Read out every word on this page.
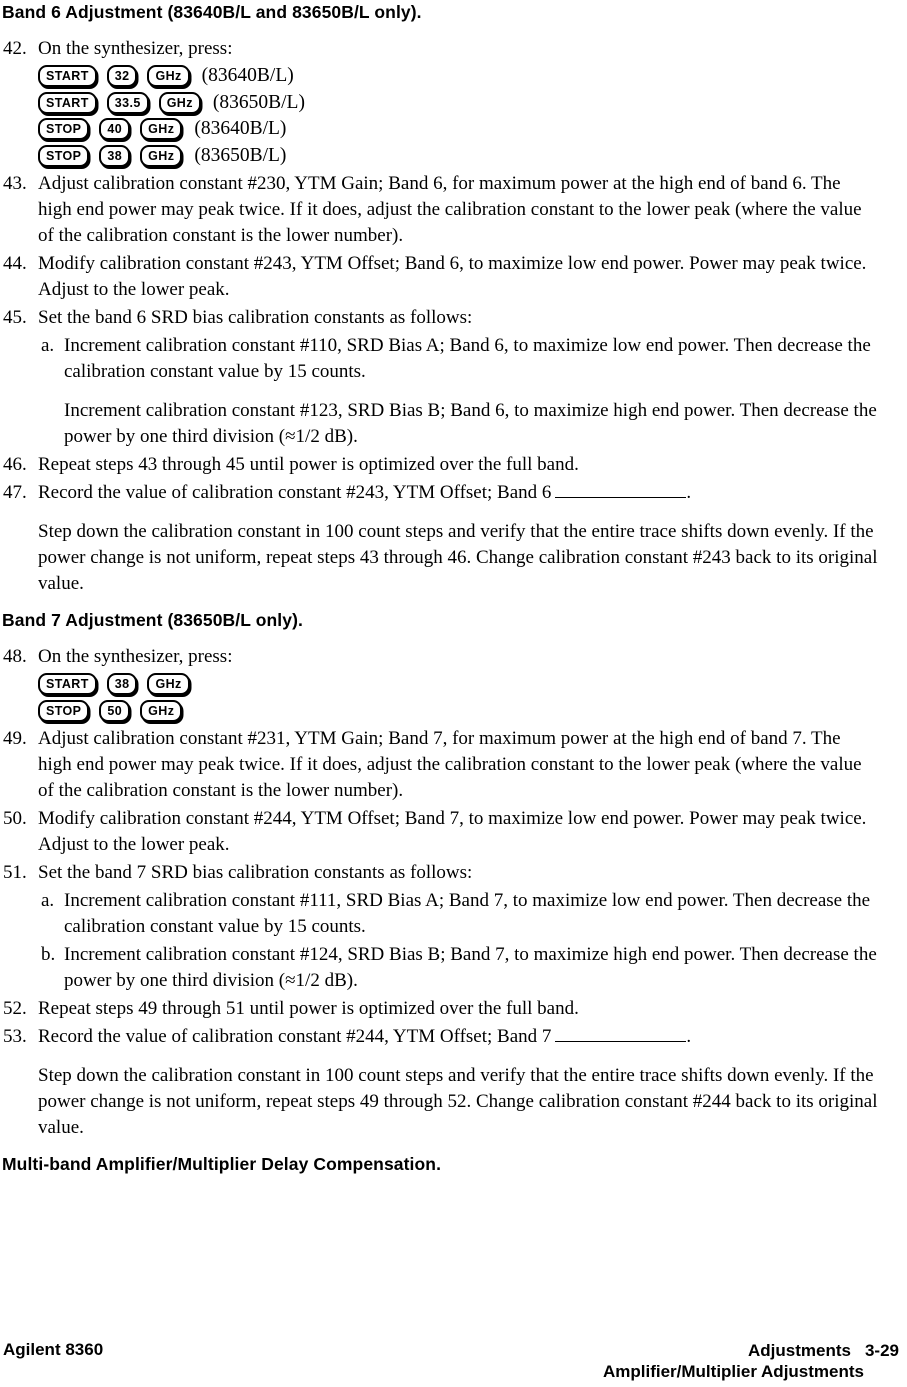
Band 6 Adjustment (83640B/L and 83650B/L only).
42. On the synthesizer, press:

START	32	GHz	(83640B/L)
START	33.5	GHz	(83650B/L)
STOP	40	GHz	(83640B/L)
STOP	38	GHz	(83650B/L)
43. Adjust calibration constant #230, YTM Gain; Band 6, for maximum power at the high end of band 6. The high end power may peak twice. If it does, adjust the calibration constant to the lower peak (where the value of the calibration constant is the lower number).

44. Modify calibration constant #243, YTM Offset; Band 6, to maximize low end power. Power may peak twice. Adjust to the lower peak.

45. Set the band 6 SRD bias calibration constants as follows:

a. Increment calibration constant #110, SRD Bias A; Band 6, to maximize low end power. Then decrease the calibration constant value by 15 counts.

Increment calibration constant #123, SRD Bias B; Band 6, to maximize high end power. Then decrease the power by one third division (≈1/2 dB).

46. Repeat steps 43 through 45 until power is optimized over the full band.

47. Record the value of calibration constant #243, YTM Offset; Band 6	.

Step down the calibration constant in 100 count steps and verify that the entire trace shifts down evenly. If the power change is not uniform, repeat steps 43 through 46. Change calibration constant #243 back to its original value.

Band 7 Adjustment (83650B/L only).
48. On the synthesizer, press:

START	38	GHz
STOP	50	GHz
49. Adjust calibration constant #231, YTM Gain; Band 7, for maximum power at the high end of band 7. The high end power may peak twice. If it does, adjust the calibration constant to the lower peak (where the value of the calibration constant is the lower number).

50. Modify calibration constant #244, YTM Offset; Band 7, to maximize low end power. Power may peak twice. Adjust to the lower peak.

51. Set the band 7 SRD bias calibration constants as follows:

a. Increment calibration constant #111, SRD Bias A; Band 7, to maximize low end power. Then decrease the calibration constant value by 15 counts.

b. Increment calibration constant #124, SRD Bias B; Band 7, to maximize high end power. Then decrease the power by one third division (≈1/2 dB).

52. Repeat steps 49 through 51 until power is optimized over the full band.

53. Record the value of calibration constant #244, YTM Offset; Band 7	.

Step down the calibration constant in 100 count steps and verify that the entire trace shifts down evenly. If the power change is not uniform, repeat steps 49 through 52. Change calibration constant #244 back to its original value.

Multi-band Amplifier/Multiplier Delay Compensation.
Agilent 8360	Adjustments 3-29
Amplifier/Multiplier Adjustments
